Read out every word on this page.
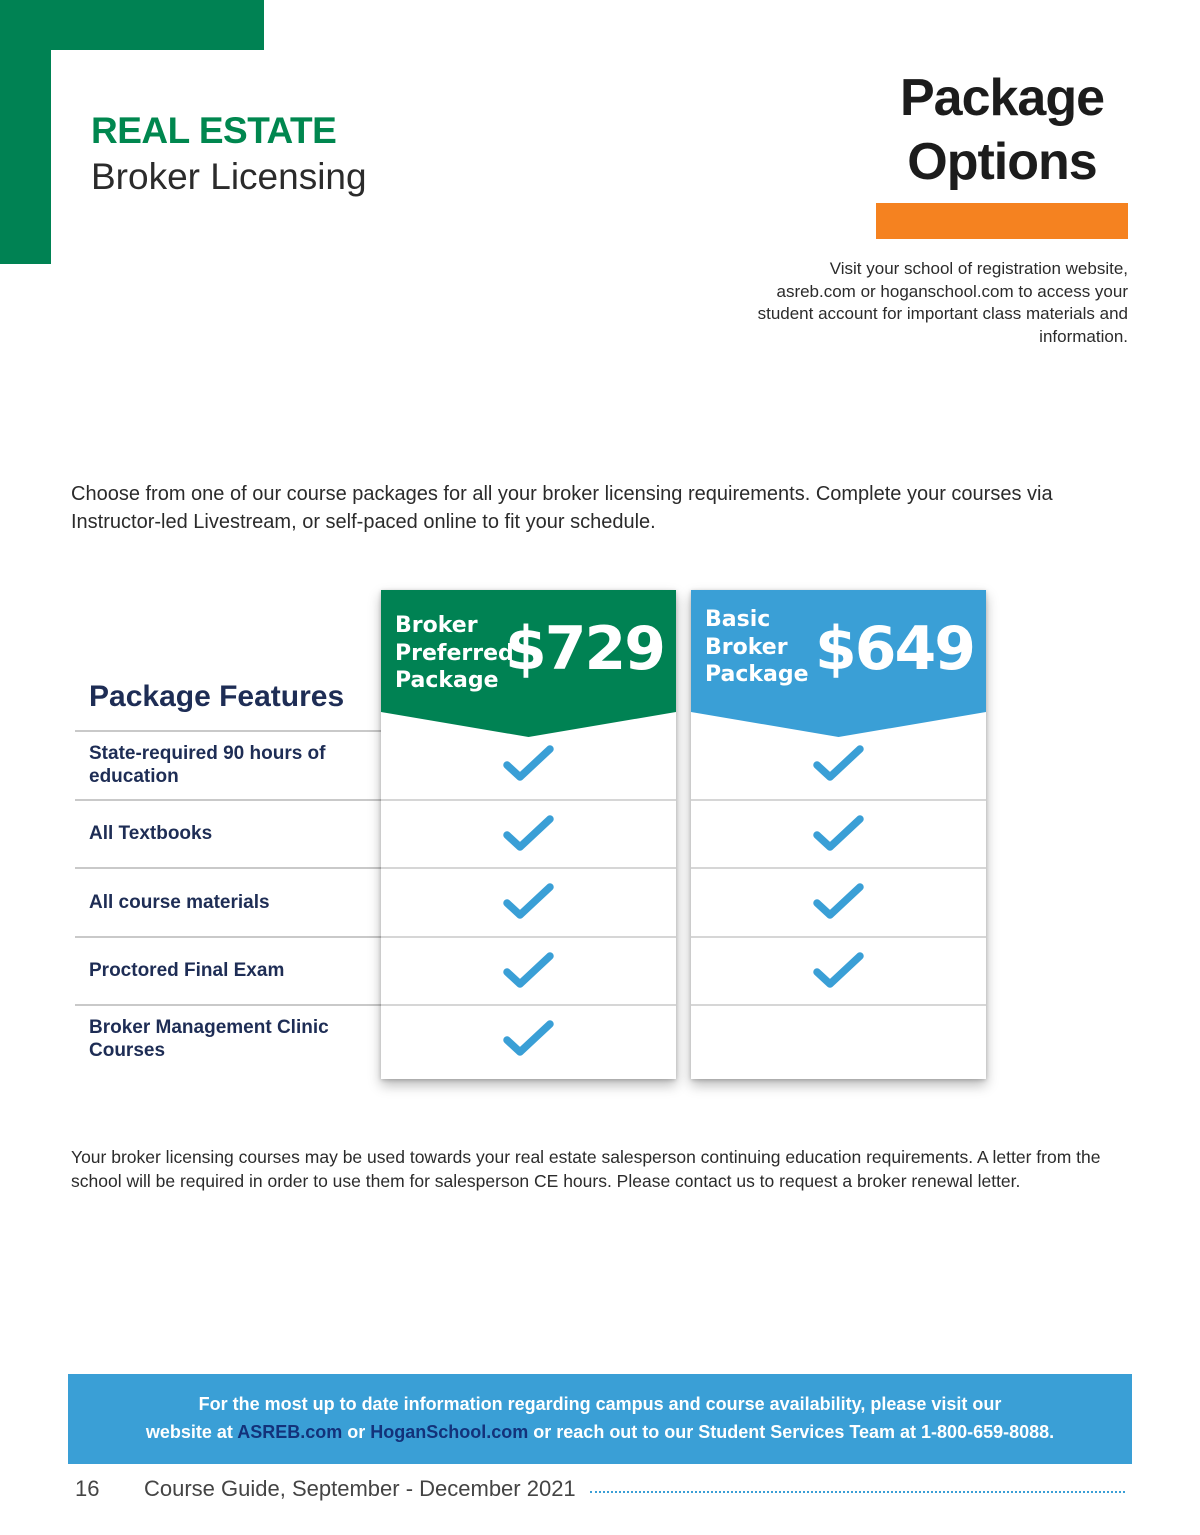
REAL ESTATE
Broker Licensing
Package
Options
Visit your school of registration website, asreb.com or hoganschool.com to access your student account for important class materials and information.
Choose from one of our course packages for all your broker licensing requirements. Complete your courses via Instructor-led Livestream, or self-paced online to fit your schedule.
Package Features
State-required 90 hours of education
All Textbooks
All course materials
Proctored Final Exam
Broker Management Clinic Courses
Broker
Preferred
Package $729 Basic
Broker
Package $649
Your broker licensing courses may be used towards your real estate salesperson continuing education requirements. A letter from the school will be required in order to use them for salesperson CE hours. Please contact us to request a broker renewal letter.
For the most up to date information regarding campus and course availability, please visit our
website at ASREB.com or HoganSchool.com or reach out to our Student Services Team at 1-800-659-8088.
16	Course Guide, September - December 2021
